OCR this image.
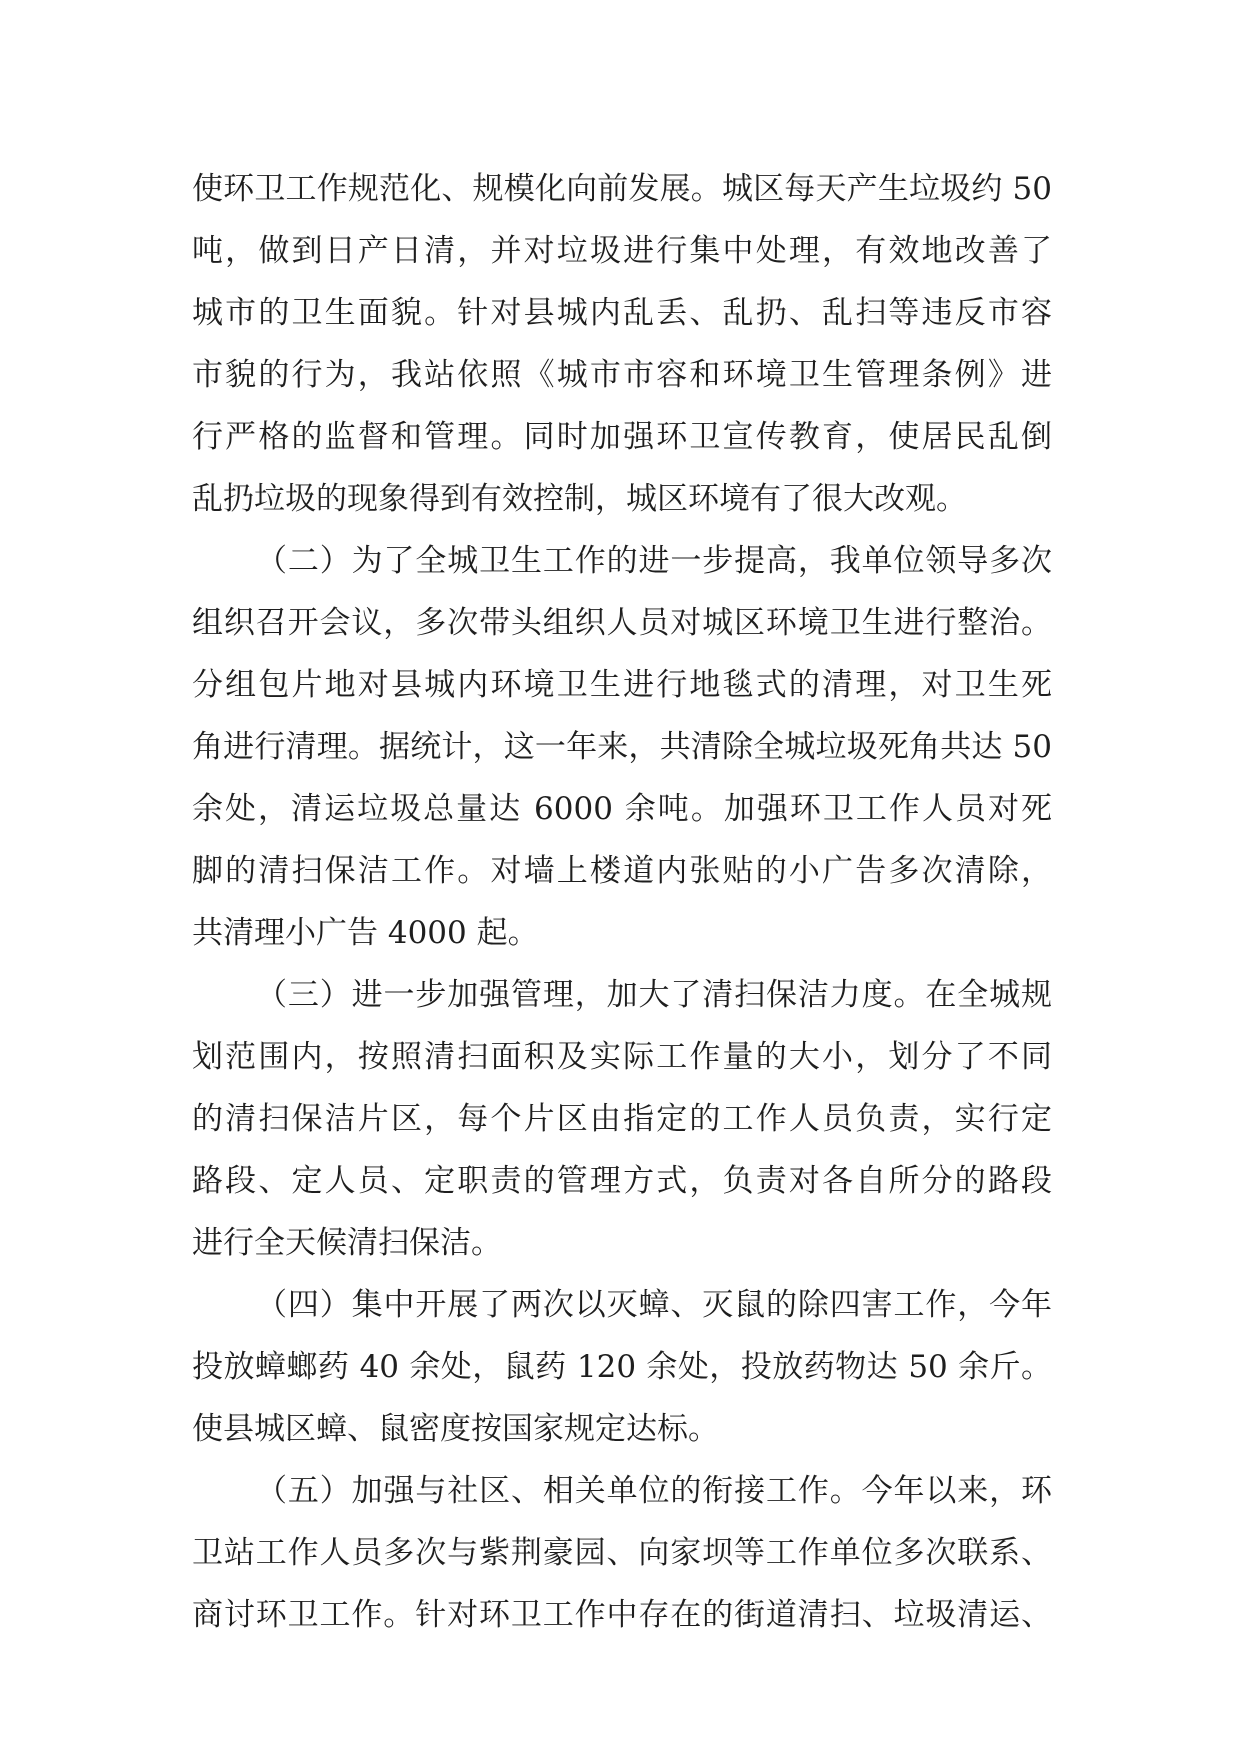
使环卫工作规范化、规模化向前发展。城区每天产生垃圾约 50
吨，做到日产日清，并对垃圾进行集中处理，有效地改善了
城市的卫生面貌。针对县城内乱丢、乱扔、乱扫等违反市容
市貌的行为，我站依照《城市市容和环境卫生管理条例》进
行严格的监督和管理。同时加强环卫宣传教育，使居民乱倒
乱扔垃圾的现象得到有效控制，城区环境有了很大改观。
（二）为了全城卫生工作的进一步提高，我单位领导多次
组织召开会议，多次带头组织人员对城区环境卫生进行整治。
分组包片地对县城内环境卫生进行地毯式的清理，对卫生死
角进行清理。据统计，这一年来，共清除全城垃圾死角共达 50
余处，清运垃圾总量达 6000 余吨。加强环卫工作人员对死
脚的清扫保洁工作。对墙上楼道内张贴的小广告多次清除，
共清理小广告 4000 起。
（三）进一步加强管理，加大了清扫保洁力度。在全城规
划范围内，按照清扫面积及实际工作量的大小，划分了不同
的清扫保洁片区，每个片区由指定的工作人员负责，实行定
路段、定人员、定职责的管理方式，负责对各自所分的路段
进行全天候清扫保洁。
（四）集中开展了两次以灭蟑、灭鼠的除四害工作，今年
投放蟑螂药 40 余处，鼠药 120 余处，投放药物达 50 余斤。
使县城区蟑、鼠密度按国家规定达标。
（五）加强与社区、相关单位的衔接工作。今年以来，环
卫站工作人员多次与紫荆豪园、向家坝等工作单位多次联系、
商讨环卫工作。针对环卫工作中存在的街道清扫、垃圾清运、
